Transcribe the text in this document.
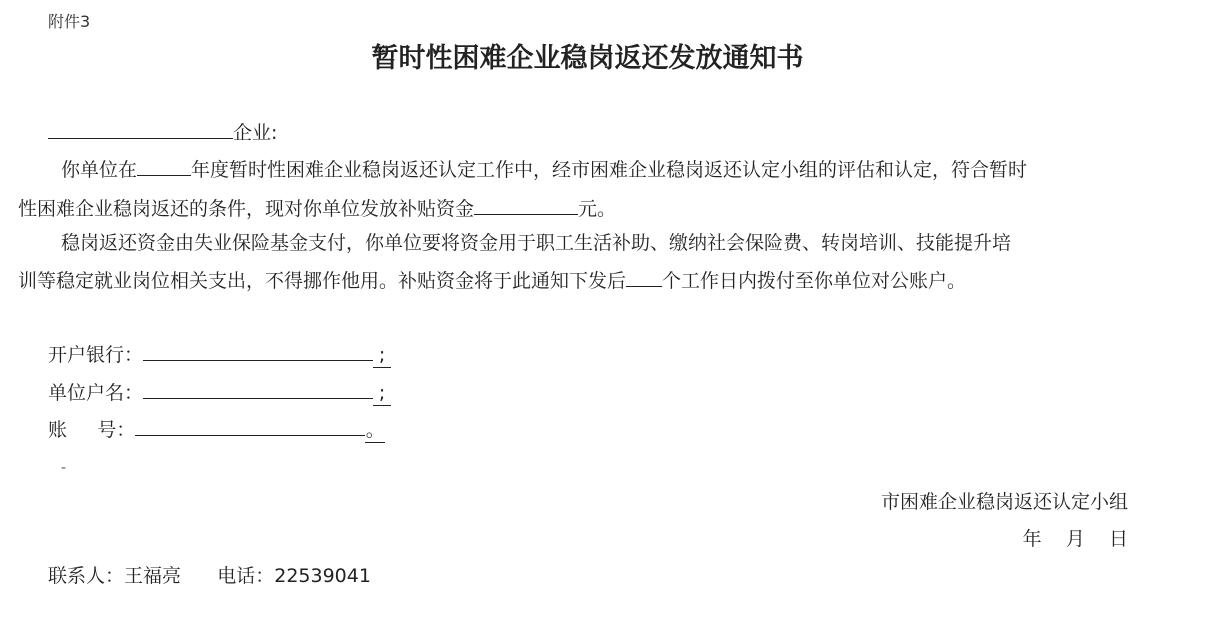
附件3
暂时性困难企业稳岗返还发放通知书
企业:
你单位在	年度暂时性困难企业稳岗返还认定工作中，经市困难企业稳岗返还认定小组的评估和认定，符合暂时
性困难企业稳岗返还的条件，现对你单位发放补贴资金	元。
稳岗返还资金由失业保险基金支付，你单位要将资金用于职工生活补助、缴纳社会保险费、转岗培训、技能提升培
训等稳定就业岗位相关支出，不得挪作他用。补贴资金将于此通知下发后 个工作日内拨付至你单位对公账户。
开户银行：	;
单位户名：	;
账     号：	。
-
市困难企业稳岗返还认定小组
年    月    日
联系人：王福亮      电话：22539041
